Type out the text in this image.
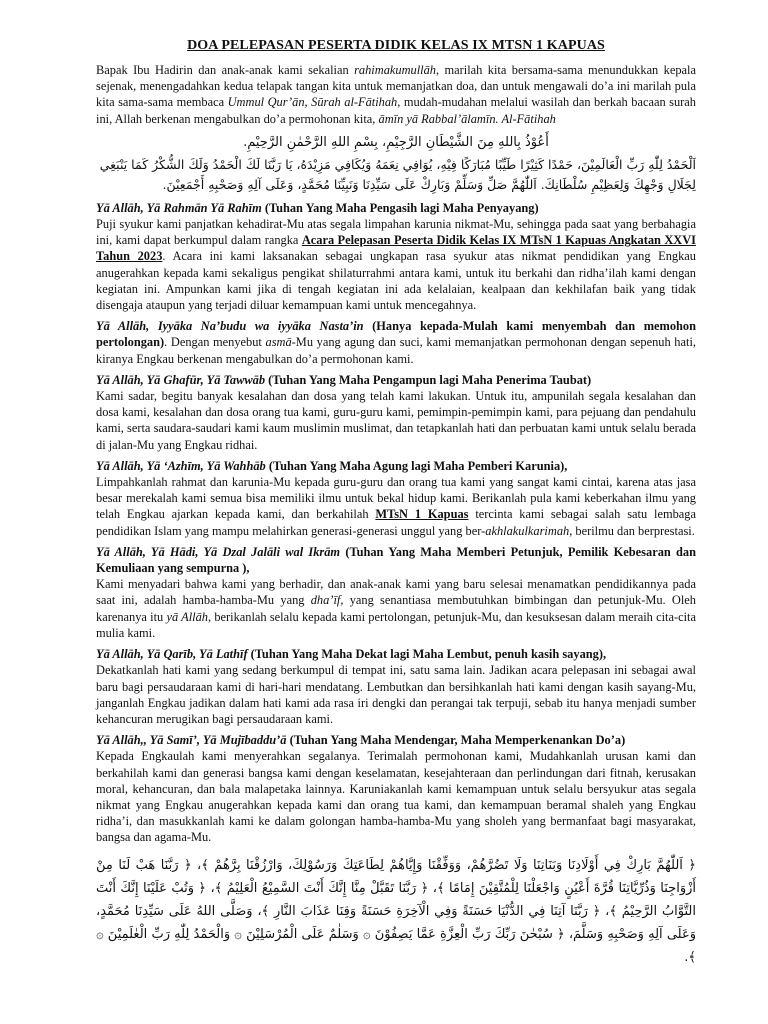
DOA PELEPASAN PESERTA DIDIK KELAS IX MTSN 1 KAPUAS

Bapak Ibu Hadirin dan anak-anak kami sekalian rahimakumullāh, marilah kita bersama-sama menundukkan kepala sejenak, menengadahkan kedua telapak tangan kita untuk memanjatkan doa, dan untuk mengawali do’a ini marilah pula kita sama-sama membaca Ummul Qur’ān, Sūrah al-Fātihah, mudah-mudahan melalui wasilah dan berkah bacaan surah ini, Allah berkenan mengabulkan do’a permohonan kita, āmīn yā Rabbal’ālamīn. Al-Fātihah

أَعُوْذُ بِاللهِ مِنَ الشَّيْطَانِ الرَّجِيْمِ، بِسْمِ اللهِ الرَّحْمٰنِ الرَّحِيْمِ.
اَلْحَمْدُ لِلّٰهِ رَبِّ الْعَالَمِيْنَ، حَمْدًا كَثِيْرًا طَيِّبًا مُبَارَكًا فِيْهِ، يُوَافِي نِعَمَهُ وَيُكَافِي مَزِيْدَهُ، يَا رَبَّنَا لَكَ الْحَمْدُ وَلَكَ الشُّكْرُ كَمَا يَنْبَغِي لِجَلَالِ وَجْهِكَ وَلِعَظِيْمِ سُلْطَانِكَ. اَللّٰهُمَّ صَلِّ وَسَلِّمْ وَبَارِكْ عَلَى سَيِّدِنَا وَنَبِيِّنَا مُحَمَّدٍ، وَعَلَى آلِهِ وَصَحْبِهِ أَجْمَعِيْنَ.

Yā Allāh, Yā Rahmān Yā Rahīm (Tuhan Yang Maha Pengasih lagi Maha Penyayang)

Puji syukur kami panjatkan kehadirat-Mu atas segala limpahan karunia nikmat-Mu, sehingga pada saat yang berbahagia ini, kami dapat berkumpul dalam rangka Acara Pelepasan Peserta Didik Kelas IX MTsN 1 Kapuas Angkatan XXVI Tahun 2023. Acara ini kami laksanakan sebagai ungkapan rasa syukur atas nikmat pendidikan yang Engkau anugerahkan kepada kami sekaligus pengikat shilaturrahmi antara kami, untuk itu berkahi dan ridha’ilah kami dengan kegiatan ini. Ampunkan kami jika di tengah kegiatan ini ada kelalaian, kealpaan dan kekhilafan baik yang tidak disengaja ataupun yang terjadi diluar kemampuan kami untuk mencegahnya.

Yā Allāh, Iyyāka Na’budu wa iyyāka Nasta’in (Hanya kepada-Mulah kami menyembah dan memohon pertolongan). Dengan menyebut asmā-Mu yang agung dan suci, kami memanjatkan permohonan dengan sepenuh hati, kiranya Engkau berkenan mengabulkan do’a permohonan kami.

Yā Allāh, Yā Ghafūr, Yā Tawwāb (Tuhan Yang Maha Pengampun lagi Maha Penerima Taubat)

Kami sadar, begitu banyak kesalahan dan dosa yang telah kami lakukan. Untuk itu, ampunilah segala kesalahan dan dosa kami, kesalahan dan dosa orang tua kami, guru-guru kami, pemimpin-pemimpin kami, para pejuang dan pendahulu kami, serta saudara-saudari kami kaum muslimin muslimat, dan tetapkanlah hati dan perbuatan kami untuk selalu berada di jalan-Mu yang Engkau ridhai.

Yā Allāh, Yā ‘Azhīm, Yā Wahhāb (Tuhan Yang Maha Agung lagi Maha Pemberi Karunia),

Limpahkanlah rahmat dan karunia-Mu kepada guru-guru dan orang tua kami yang sangat kami cintai, karena atas jasa besar merekalah kami semua bisa memiliki ilmu untuk bekal hidup kami. Berikanlah pula kami keberkahan ilmu yang telah Engkau ajarkan kepada kami, dan berkahilah MTsN 1 Kapuas tercinta kami sebagai salah satu lembaga pendidikan Islam yang mampu melahirkan generasi-generasi unggul yang ber-akhlakulkarimah, berilmu dan berprestasi.

Yā Allāh, Yā Hādi, Yā Dzal Jalāli wal Ikrām (Tuhan Yang Maha Memberi Petunjuk, Pemilik Kebesaran dan Kemuliaan yang sempurna ),

Kami menyadari bahwa kami yang berhadir, dan anak-anak kami yang baru selesai menamatkan pendidikannya pada saat ini, adalah hamba-hamba-Mu yang dha’īf, yang senantiasa membutuhkan bimbingan dan petunjuk-Mu. Oleh karenanya itu yā Allāh, berikanlah selalu kepada kami pertolongan, petunjuk-Mu, dan kesuksesan dalam meraih cita-cita mulia kami.

Yā Allāh, Yā Qarīb, Yā Lathīf (Tuhan Yang Maha Dekat lagi Maha Lembut, penuh kasih sayang),

Dekatkanlah hati kami yang sedang berkumpul di tempat ini, satu sama lain. Jadikan acara pelepasan ini sebagai awal baru bagi persaudaraan kami di hari-hari mendatang. Lembutkan dan bersihkanlah hati kami dengan kasih sayang-Mu, janganlah Engkau jadikan dalam hati kami ada rasa iri dengki dan perangai tak terpuji, sebab itu hanya menjadi sumber kehancuran merugikan bagi persaudaraan kami.

Yā Allāh,, Yā Samī’, Yā Mujībaddu’ā (Tuhan Yang Maha Mendengar, Maha Memperkenankan Do’a)

Kepada Engkaulah kami menyerahkan segalanya. Terimalah permohonan kami, Mudahkanlah urusan kami dan berkahilah kami dan generasi bangsa kami dengan keselamatan, kesejahteraan dan perlindungan dari fitnah, kerusakan moral, kehancuran, dan bala malapetaka lainnya. Karuniakanlah kami kemampuan untuk selalu bersyukur atas segala nikmat yang Engkau anugerahkan kepada kami dan orang tua kami, dan kemampuan beramal shaleh yang Engkau ridha’i, dan masukkanlah kami ke dalam golongan hamba-hamba-Mu yang sholeh yang bermanfaat bagi masyarakat, bangsa dan agama-Mu.

﴿ اَللّٰهُمَّ بَارِكْ فِي أَوْلَادِنَا وَبَنَاتِنَا وَلَا تَضُرَّهُمْ، وَوَفِّقْنَا وَإِيَّاهُمْ لِطَاعَتِكَ وَرَسُوْلِكَ، وَارْزُقْنَا بِرَّهُمْ ﴾، ﴿ رَبَّنَا هَبْ لَنَا مِنْ أَزْوَاجِنَا وَذُرِّيَّاتِنَا قُرَّةَ أَعْيُنٍ وَاجْعَلْنَا لِلْمُتَّقِيْنَ إِمَامًا ﴾، ﴿ رَبَّنَا تَقَبَّلْ مِنَّا إِنَّكَ أَنْتَ السَّمِيْعُ الْعَلِيْمُ ﴾، ﴿ وَتُبْ عَلَيْنَا إِنَّكَ أَنْتَ التَّوَّابُ الرَّحِيْمُ ﴾، ﴿ رَبَّنَا آتِنَا فِي الدُّنْيَا حَسَنَةً وَفِي الْآخِرَةِ حَسَنَةً وَقِنَا عَذَابَ النَّارِ ﴾، وَصَلَّى اللهُ عَلَى سَيِّدِنَا مُحَمَّدٍ، وَعَلَى آلِهِ وَصَحْبِهِ وَسَلَّمَ، ﴿ سُبْحٰنَ رَبِّكَ رَبِّ الْعِزَّةِ عَمَّا يَصِفُوْنَ ۞ وَسَلٰمٌ عَلَى الْمُرْسَلِيْنَ ۞ وَالْحَمْدُ لِلّٰهِ رَبِّ الْعٰلَمِيْنَ ۞ ﴾.
